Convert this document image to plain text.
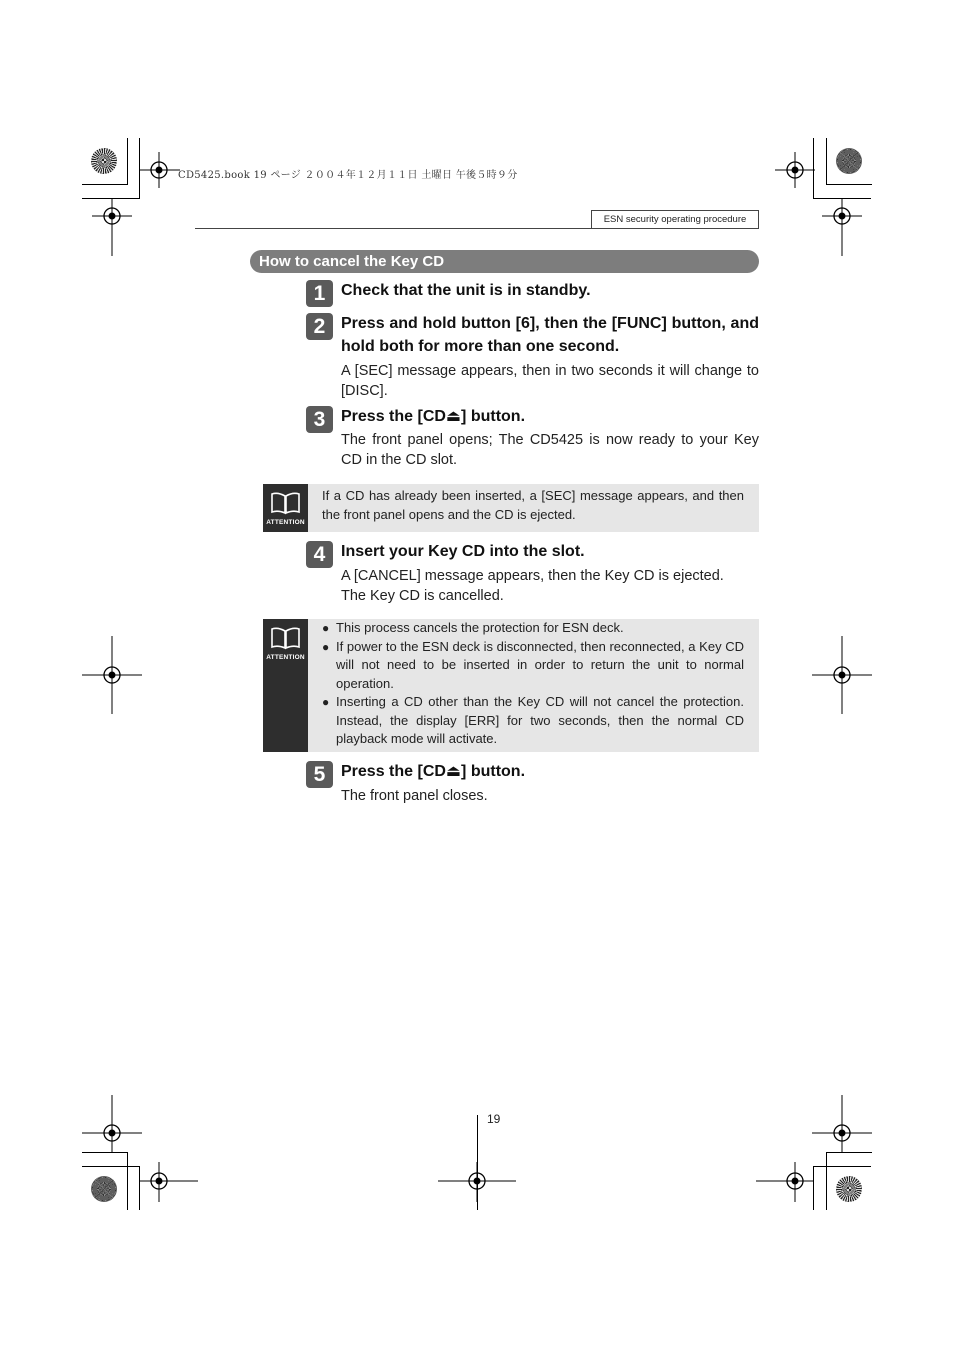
CD5425.book 19 ページ ２００４年１２月１１日 土曜日 午後５時９分
ESN security operating procedure
How to cancel the Key CD
1 Check that the unit is in standby.
2 Press and hold button [6], then the [FUNC] button, and hold both for more than one second.
A [SEC] message appears, then in two seconds it will change to [DISC].
3 Press the [CD⏏] button.
The front panel opens; The CD5425 is now ready to your Key CD in the CD slot.
ATTENTION
If a CD has already been inserted, a [SEC] message appears, and then the front panel opens and the CD is ejected.
4 Insert your Key CD into the slot.
A [CANCEL] message appears, then the Key CD is ejected.
The Key CD is cancelled.
ATTENTION
● This process cancels the protection for ESN deck.
● If power to the ESN deck is disconnected, then reconnected, a Key CD will not need to be inserted in order to return the unit to normal operation.
● Inserting a CD other than the Key CD will not cancel the protection. Instead, the display [ERR] for two seconds, then the normal CD playback mode will activate.
5 Press the [CD⏏] button.
The front panel closes.
19
